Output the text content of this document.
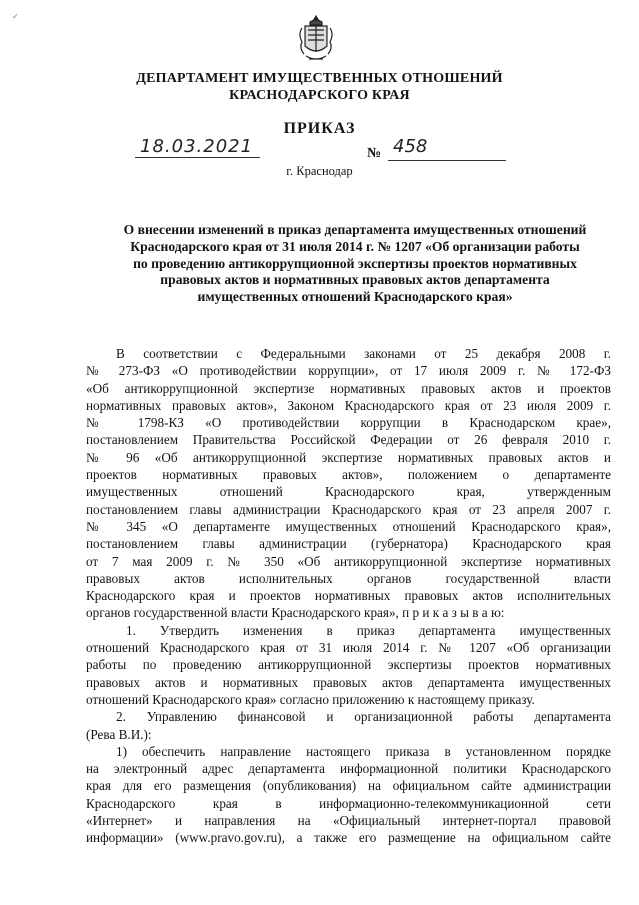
✓
ДЕПАРТАМЕНТ ИМУЩЕСТВЕННЫХ ОТНОШЕНИЙ
КРАСНОДАРСКОГО КРАЯ
ПРИКАЗ
18.03.2021	№ 458
г. Краснодар
О внесении изменений в приказ департамента имущественных отношений
Краснодарского края от 31 июля 2014 г. № 1207 «Об организации работы
по проведению антикоррупционной экспертизы проектов нормативных
правовых актов и нормативных правовых актов департамента
имущественных отношений Краснодарского края»
В соответствии с Федеральными законами от 25 декабря 2008 г.
№ 273-ФЗ «О противодействии коррупции», от 17 июля 2009 г. № 172-ФЗ
«Об антикоррупционной экспертизе нормативных правовых актов и проектов
нормативных правовых актов», Законом Краснодарского края от 23 июля 2009 г.
№ 1798-КЗ «О противодействии коррупции в Краснодарском крае»,
постановлением Правительства Российской Федерации от 26 февраля 2010 г.
№ 96 «Об антикоррупционной экспертизе нормативных правовых актов и
проектов нормативных правовых актов», положением о департаменте
имущественных отношений Краснодарского края, утвержденным
постановлением главы администрации Краснодарского края от 23 апреля 2007 г.
№ 345 «О департаменте имущественных отношений Краснодарского края»,
постановлением главы администрации (губернатора) Краснодарского края
от 7 мая 2009 г. № 350 «Об антикоррупционной экспертизе нормативных
правовых актов исполнительных органов государственной власти
Краснодарского края и проектов нормативных правовых актов исполнительных
органов государственной власти Краснодарского края», п р и к а з ы в а ю:
1. Утвердить изменения в приказ департамента имущественных
отношений Краснодарского края от 31 июля 2014 г. № 1207 «Об организации
работы по проведению антикоррупционной экспертизы проектов нормативных
правовых актов и нормативных правовых актов департамента имущественных
отношений Краснодарского края» согласно приложению к настоящему приказу.
2. Управлению финансовой и организационной работы департамента
(Рева В.И.):
1) обеспечить направление настоящего приказа в установленном порядке
на электронный адрес департамента информационной политики Краснодарского
края для его размещения (опубликования) на официальном сайте администрации
Краснодарского края в информационно-телекоммуникационной сети
«Интернет» и направления на «Официальный интернет-портал правовой
информации» (www.pravo.gov.ru), а также его размещение на официальном сайте
